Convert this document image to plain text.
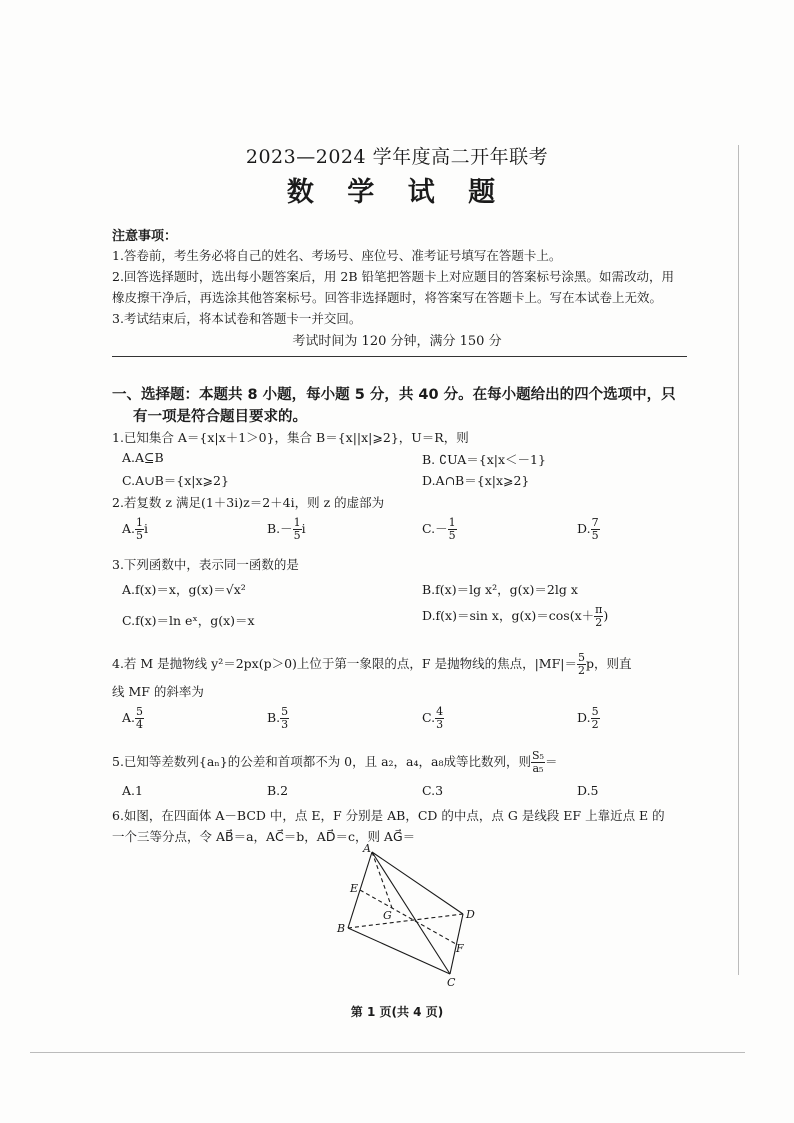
2023—2024 学年度高二开年联考
数 学 试 题
注意事项：
1.答卷前，考生务必将自己的姓名、考场号、座位号、准考证号填写在答题卡上。
2.回答选择题时，选出每小题答案后，用 2B 铅笔把答题卡上对应题目的答案标号涂黑。如需改动，用
橡皮擦干净后，再选涂其他答案标号。回答非选择题时，将答案写在答题卡上。写在本试卷上无效。
3.考试结束后，将本试卷和答题卡一并交回。
考试时间为 120 分钟，满分 150 分
一、选择题：本题共 8 小题，每小题 5 分，共 40 分。在每小题给出的四个选项中，只
有一项是符合题目要求的。
1.已知集合 A＝{x|x＋1＞0}，集合 B＝{x||x|⩾2}，U＝R，则
A.A⊆B	B. ∁UA＝{x|x＜－1}
C.A∪B＝{x|x⩾2}	D.A∩B＝{x|x⩾2}
2.若复数 z 满足(1＋3i)z＝2＋4i，则 z 的虚部为
A. $\frac{1}{5}$ i	$B.- \frac{1}{5}$ i	$C.- \frac{1}{5}$	D. $\frac{7}{5}$
3.下列函数中，表示同一函数的是
A.f(x)＝x，g(x)＝√x²	B.f(x)＝lg x²，g(x)＝2lg x
C.f(x)＝ln eˣ，g(x)＝x	D.f(x)＝sin x，$g(x)=\cos(x+ \frac{\pi}{2}$ )
4.若 M 是抛物线 y²＝2px(p＞0)上位于第一象限的点，F 是抛物线的焦点，$|MF|= \frac{5}{2}$ p，则直
线 MF 的斜率为
A. $\frac{5}{4}$	B. $\frac{5}{3}$	C. $\frac{4}{3}$	D. $\frac{5}{2}$
5.已知等差数列{aₙ}的公差和首项都不为 0，且 a₂，a₄，a₈成等比数列，则 $\frac{\text{S₅}}{\text{a₅}}$ ＝
A.1	B.2	C.3	D.5
6.如图，在四面体 A－BCD 中，点 E，F 分别是 AB，CD 的中点，点 G 是线段 EF 上靠近点 E 的
一个三等分点，令 AB⃗＝a，AC⃗＝b，AD⃗＝c，则 AG⃗＝
A
E
G	D
B
F
C
第 1 页(共 4 页)
